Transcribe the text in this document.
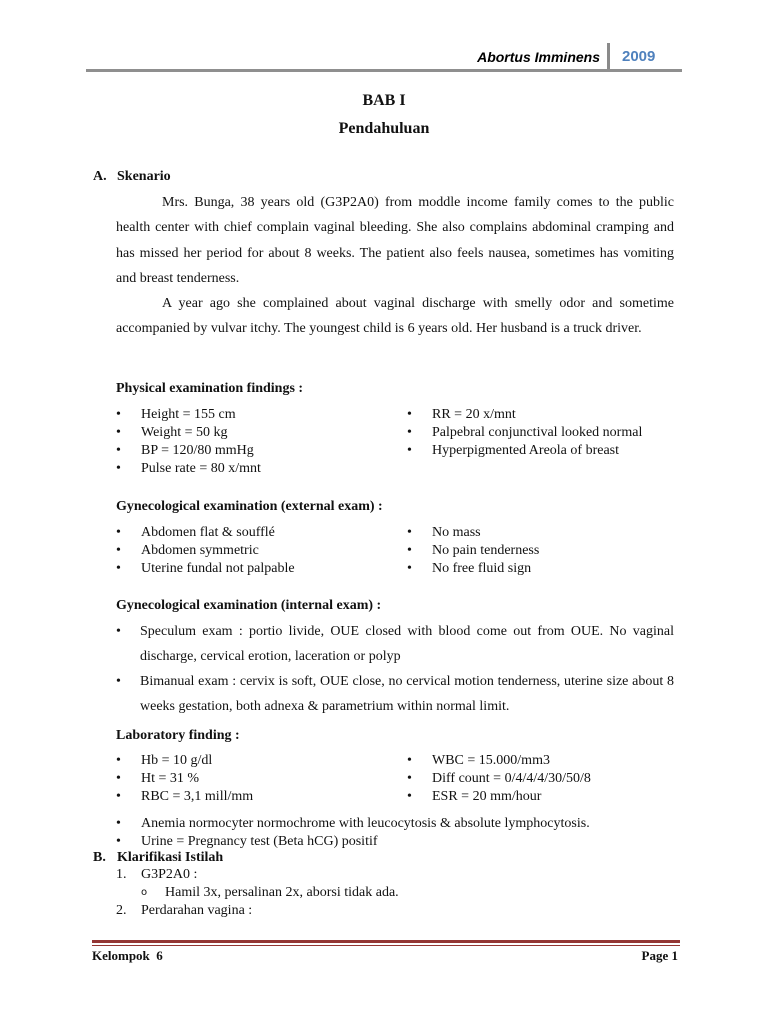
Abortus Imminens 2009
BAB I
Pendahuluan
A. Skenario

Mrs. Bunga, 38 years old (G3P2A0) from moddle income family comes to the public health center with chief complain vaginal bleeding. She also complains abdominal cramping and has missed her period for about 8 weeks. The patient also feels nausea, sometimes has vomiting and breast tenderness.

A year ago she complained about vaginal discharge with smelly odor and sometime accompanied by vulvar itchy. The youngest child is 6 years old. Her husband is a truck driver.

Physical examination findings :
• Height = 155 cm
• Weight = 50 kg
• BP = 120/80 mmHg
• Pulse rate = 80 x/mnt
• RR = 20 x/mnt
• Palpebral conjunctival looked normal
• Hyperpigmented Areola of breast
Gynecological examination (external exam) :
• Abdomen flat & soufflé
• Abdomen symmetric
• Uterine fundal not palpable
• No mass
• No pain tenderness
• No free fluid sign
Gynecological examination (internal exam) :
• Speculum exam : portio livide, OUE closed with blood come out from OUE. No vaginal discharge, cervical erotion, laceration or polyp
• Bimanual exam : cervix is soft, OUE close, no cervical motion tenderness, uterine size about 8 weeks gestation, both adnexa & parametrium within normal limit.
Laboratory finding :
• Hb = 10 g/dl
• Ht = 31 %
• RBC = 3,1 mill/mm
• WBC = 15.000/mm3
• Diff count = 0/4/4/4/30/50/8
• ESR = 20 mm/hour
• Anemia normocyter normochrome with leucocytosis & absolute lymphocytosis.
• Urine = Pregnancy test (Beta hCG) positif
B. Klarifikasi Istilah
1. G3P2A0 :
o Hamil 3x, persalinan 2x, aborsi tidak ada.
2. Perdarahan vagina :
Kelompok  6	Page 1
